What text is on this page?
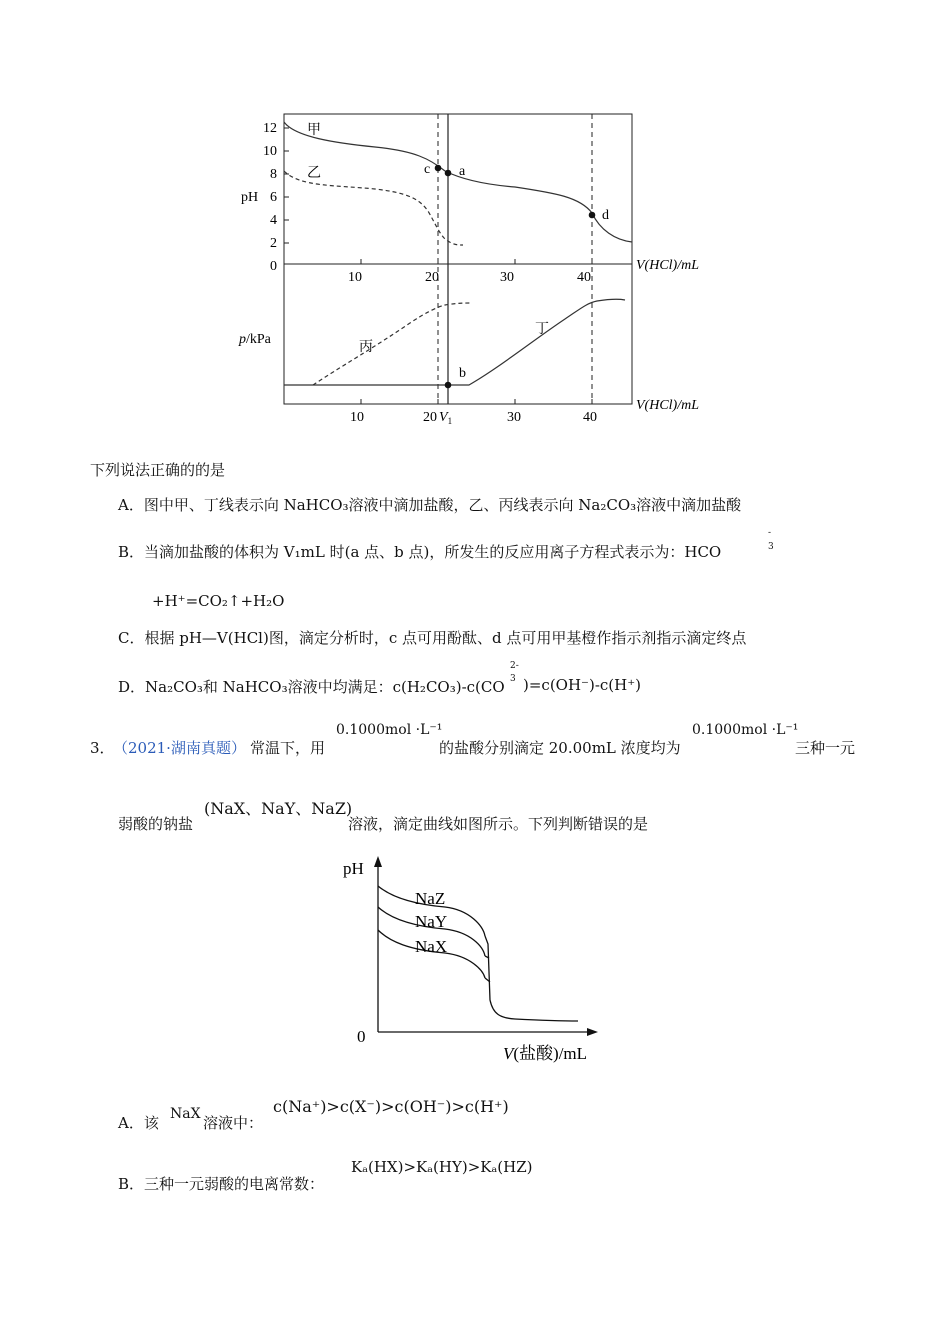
12
10
8
6
4
2
0
pH
10	20	30	40
V(HCl)/mL
c a
d
b
甲
乙
丙
丁
p/kPa
10	20 $V_1$	30	40
V(HCl)/mL
下列说法正确的的是
A．图中甲、丁线表示向 NaHCO₃溶液中滴加盐酸，乙、丙线表示向 Na₂CO₃溶液中滴加盐酸
B．当滴加盐酸的体积为 V₁mL 时(a 点、b 点)，所发生的反应用离子方程式表示为：HCO
-
3
+H⁺=CO₂↑+H₂O
C．根据 pH—V(HCl)图，滴定分析时，c 点可用酚酞、d 点可用甲基橙作指示剂指示滴定终点
D．Na₂CO₃和 NaHCO₃溶液中均满足：c(H₂CO₃)-c(CO
2-
3 )=c(OH⁻)-c(H⁺)
3．
（2021·湖南真题） 常温下，用
0.1000mol ·L⁻¹
的盐酸分别滴定 20.00mL 浓度均为
0.1000mol ·L⁻¹
三种一元
弱酸的钠盐
(NaX、NaY、NaZ)
溶液，滴定曲线如图所示。下列判断错误的是
pH
0
V(盐酸)/mL
NaZ
NaY
NaX
A．该 NaX 溶液中：
c(Na⁺)>c(X⁻)>c(OH⁻)>c(H⁺)
B．三种一元弱酸的电离常数：
Kₐ(HX)>Kₐ(HY)>Kₐ(HZ)
